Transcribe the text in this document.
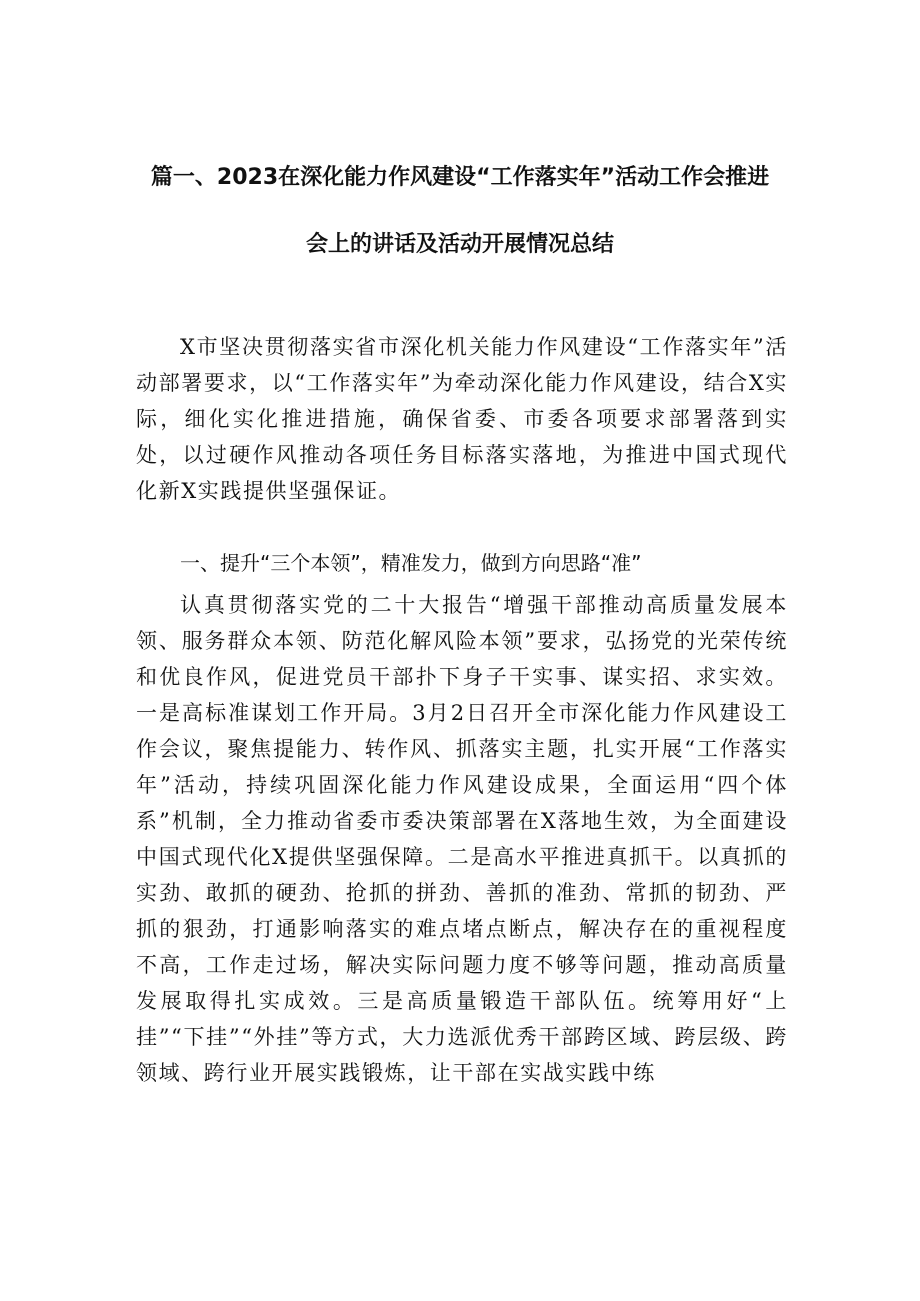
篇一、2023在深化能力作风建设“工作落实年”活动工作会推进
会上的讲话及活动开展情况总结
X市坚决贯彻落实省市深化机关能力作风建设“工作落实年”活动部署要求，以“工作落实年”为牵动深化能力作风建设，结合X实际，细化实化推进措施，确保省委、市委各项要求部署落到实处，以过硬作风推动各项任务目标落实落地，为推进中国式现代化新X实践提供坚强保证。
一、提升“三个本领”，精准发力，做到方向思路“准”
认真贯彻落实党的二十大报告“增强干部推动高质量发展本领、服务群众本领、防范化解风险本领”要求，弘扬党的光荣传统和优良作风，促进党员干部扑下身子干实事、谋实招、求实效。一是高标准谋划工作开局。3月2日召开全市深化能力作风建设工作会议，聚焦提能力、转作风、抓落实主题，扎实开展“工作落实年”活动，持续巩固深化能力作风建设成果，全面运用“四个体系”机制，全力推动省委市委决策部署在X落地生效，为全面建设中国式现代化X提供坚强保障。二是高水平推进真抓干。以真抓的实劲、敢抓的硬劲、抢抓的拼劲、善抓的准劲、常抓的韧劲、严抓的狠劲，打通影响落实的难点堵点断点，解决存在的重视程度不高，工作走过场，解决实际问题力度不够等问题，推动高质量发展取得扎实成效。三是高质量锻造干部队伍。统筹用好“上挂”“下挂”“外挂”等方式，大力选派优秀干部跨区域、跨层级、跨领域、跨行业开展实践锻炼，让干部在实战实践中练
